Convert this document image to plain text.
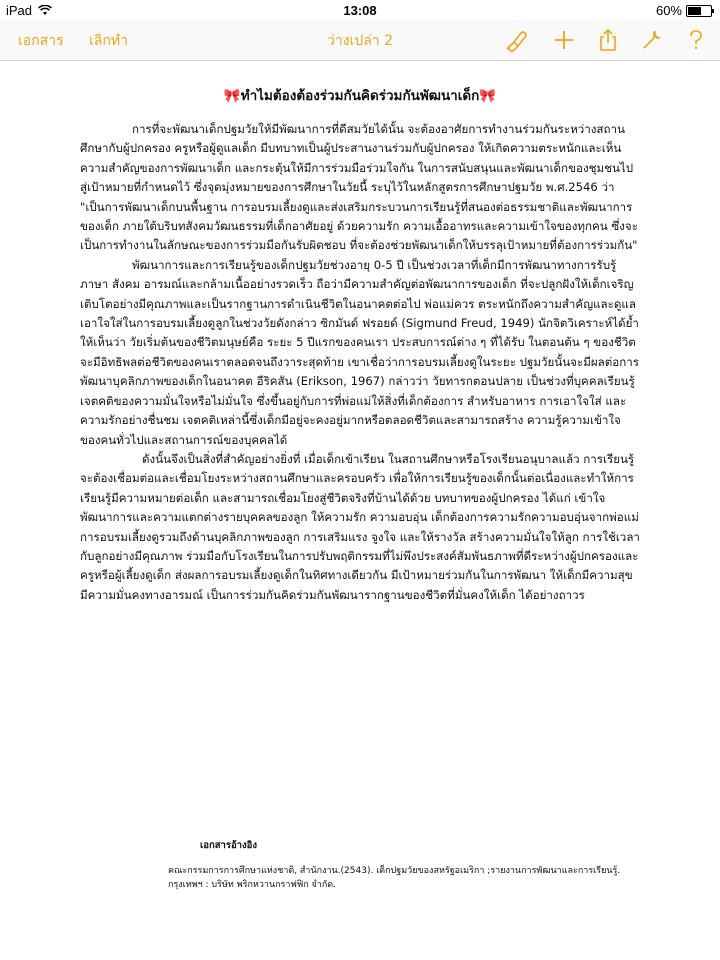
iPad	13:08	60%
เอกสาร เลิกทำ	ว่างเปล่า 2
🎀ทำไมต้องต้องร่วมกันคิดร่วมกันพัฒนาเด็ก🎀

การที่จะพัฒนาเด็กปฐมวัยให้มีพัฒนาการที่ดีสมวัยได้นั้น จะต้องอาศัยการทำงานร่วมกันระหว่างสถานศึกษากับผู้ปกครอง ครูหรือผู้ดูแลเด็ก มีบทบาทเป็นผู้ประสานงานร่วมกับผู้ปกครอง ให้เกิดความตระหนักและเห็นความสำคัญของการพัฒนาเด็ก และกระตุ้นให้มีการร่วมมือร่วมใจกัน ในการสนับสนุนและพัฒนาเด็กของชุมชนไปสู่เป้าหมายที่กำหนดไว้ ซึ่งจุดมุ่งหมายของการศึกษาในวัยนี้ ระบุไว้ในหลักสูตรการศึกษาปฐมวัย พ.ศ.2546 ว่า "เป็นการพัฒนาเด็กบนพื้นฐาน การอบรมเลี้ยงดูและส่งเสริมกระบวนการเรียนรู้ที่สนองต่อธรรมชาติและพัฒนาการของเด็ก ภายใต้บริบทสังคมวัฒนธรรมที่เด็กอาศัยอยู่ ด้วยความรัก ความเอื้ออาทรและความเข้าใจของทุกคน ซึ่งจะเป็นการทำงานในลักษณะของการร่วมมือกันรับผิดชอบ ที่จะต้องช่วยพัฒนาเด็กให้บรรลุเป้าหมายที่ต้องการร่วมกัน"

พัฒนาการและการเรียนรู้ของเด็กปฐมวัยช่วงอายุ 0-5 ปี เป็นช่วงเวลาที่เด็กมีการพัฒนาทางการรับรู้ ภาษา สังคม อารมณ์และกล้ามเนื้ออย่างรวดเร็ว ถือว่ามีความสำคัญต่อพัฒนาการของเด็ก ที่จะปลูกฝังให้เด็กเจริญเติบโตอย่างมีคุณภาพและเป็นรากฐานการดำเนินชีวิตในอนาคตต่อไป พ่อแม่ควร ตระหนักถึงความสำคัญและดูแลเอาใจใส่ในการอบรมเลี้ยงดูลูกในช่วงวัยดังกล่าว ซิกมันด์ ฟรอยด์ (Sigmund Freud, 1949) นักจิตวิเคราะห์ได้ย้ำให้เห็นว่า วัยเริ่มต้นของชีวิตมนุษย์คือ ระยะ 5 ปีแรกของคนเรา ประสบการณ์ต่าง ๆ ที่ได้รับ ในตอนต้น ๆ ของชีวิตจะมีอิทธิพลต่อชีวิตของคนเราตลอดจนถึงวาระสุดท้าย เขาเชื่อว่าการอบรมเลี้ยงดูในระยะ ปฐมวัยนั้นจะมีผลต่อการพัฒนาบุคลิกภาพของเด็กในอนาคต อีริคสัน (Erikson, 1967) กล่าวว่า วัยทารกตอนปลาย เป็นช่วงที่บุคคลเรียนรู้เจตคติของความมั่นใจหรือไม่มั่นใจ ซึ่งขึ้นอยู่กับการที่พ่อแม่ให้สิ่งที่เด็กต้องการ สำหรับอาหาร การเอาใจใส่ และความรักอย่างชื่นชม เจตคติเหล่านี้ซึ่งเด็กมีอยู่จะคงอยู่มากหรือตลอดชีวิตและสามารถสร้าง ความรู้ความเข้าใจของคนทั่วไปและสถานการณ์ของบุคคลได้

ดังนั้นจึงเป็นสิ่งที่สำคัญอย่างยิ่งที่ เมื่อเด็กเข้าเรียน ในสถานศึกษาหรือโรงเรียนอนุบาลแล้ว การเรียนรู้จะต้องเชื่อมต่อและเชื่อมโยงระหว่างสถานศึกษาและครอบครัว เพื่อให้การเรียนรู้ของเด็กนั้นต่อเนื่องและทำให้การเรียนรู้มีความหมายต่อเด็ก และสามารถเชื่อมโยงสู่ชีวิตจริงที่บ้านได้ด้วย บทบาทของผู้ปกครอง ได้แก่ เข้าใจพัฒนาการและความแตกต่างรายบุคคลของลูก ให้ความรัก ความอบอุ่น เด็กต้องการความรักความอบอุ่นจากพ่อแม่ การอบรมเลี้ยงดูรวมถึงด้านบุคลิกภาพของลูก การเสริมแรง จูงใจ และให้รางวัล สร้างความมั่นใจให้ลูก การใช้เวลากับลูกอย่างมีคุณภาพ ร่วมมือกับโรงเรียนในการปรับพฤติกรรมที่ไม่พึงประสงค์สัมพันธภาพที่ดีระหว่างผู้ปกครองและครูหรือผู้เลี้ยงดูเด็ก ส่งผลการอบรมเลี้ยงดูเด็กในทิศทางเดียวกัน มีเป้าหมายร่วมกันในการพัฒนา ให้เด็กมีความสุข มีความมั่นคงทางอารมณ์ เป็นการร่วมกันคิดร่วมกันพัฒนารากฐานของชีวิตที่มั่นคงให้เด็ก ได้อย่างถาวร

เอกสารอ้างอิง
คณะกรรมการการศึกษาแห่งชาติ, สำนักงาน.(2543). เด็กปฐมวัยของสหรัฐอเมริกา ;รายงานการพัฒนาและการเรียนรู้. กรุงเทพฯ : บริษัท พริกหวานกราฟฟิก จำกัด.
